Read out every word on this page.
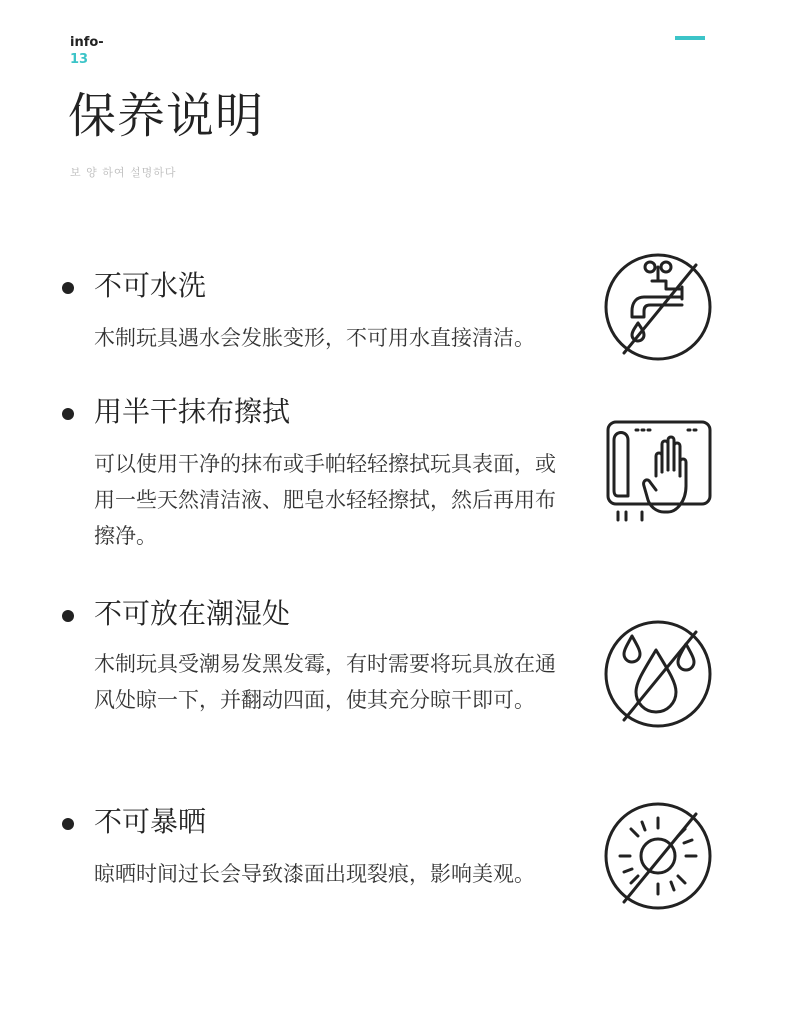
info-
13
保养说明
보 양 하여 설명하다
不可水洗
木制玩具遇水会发胀变形，不可用水直接清洁。
用半干抹布擦拭
可以使用干净的抹布或手帕轻轻擦拭玩具表面，或用一些天然清洁液、肥皂水轻轻擦拭，然后再用布擦净。
不可放在潮湿处
木制玩具受潮易发黑发霉，有时需要将玩具放在通风处晾一下，并翻动四面，使其充分晾干即可。
不可暴晒
晾晒时间过长会导致漆面出现裂痕，影响美观。
